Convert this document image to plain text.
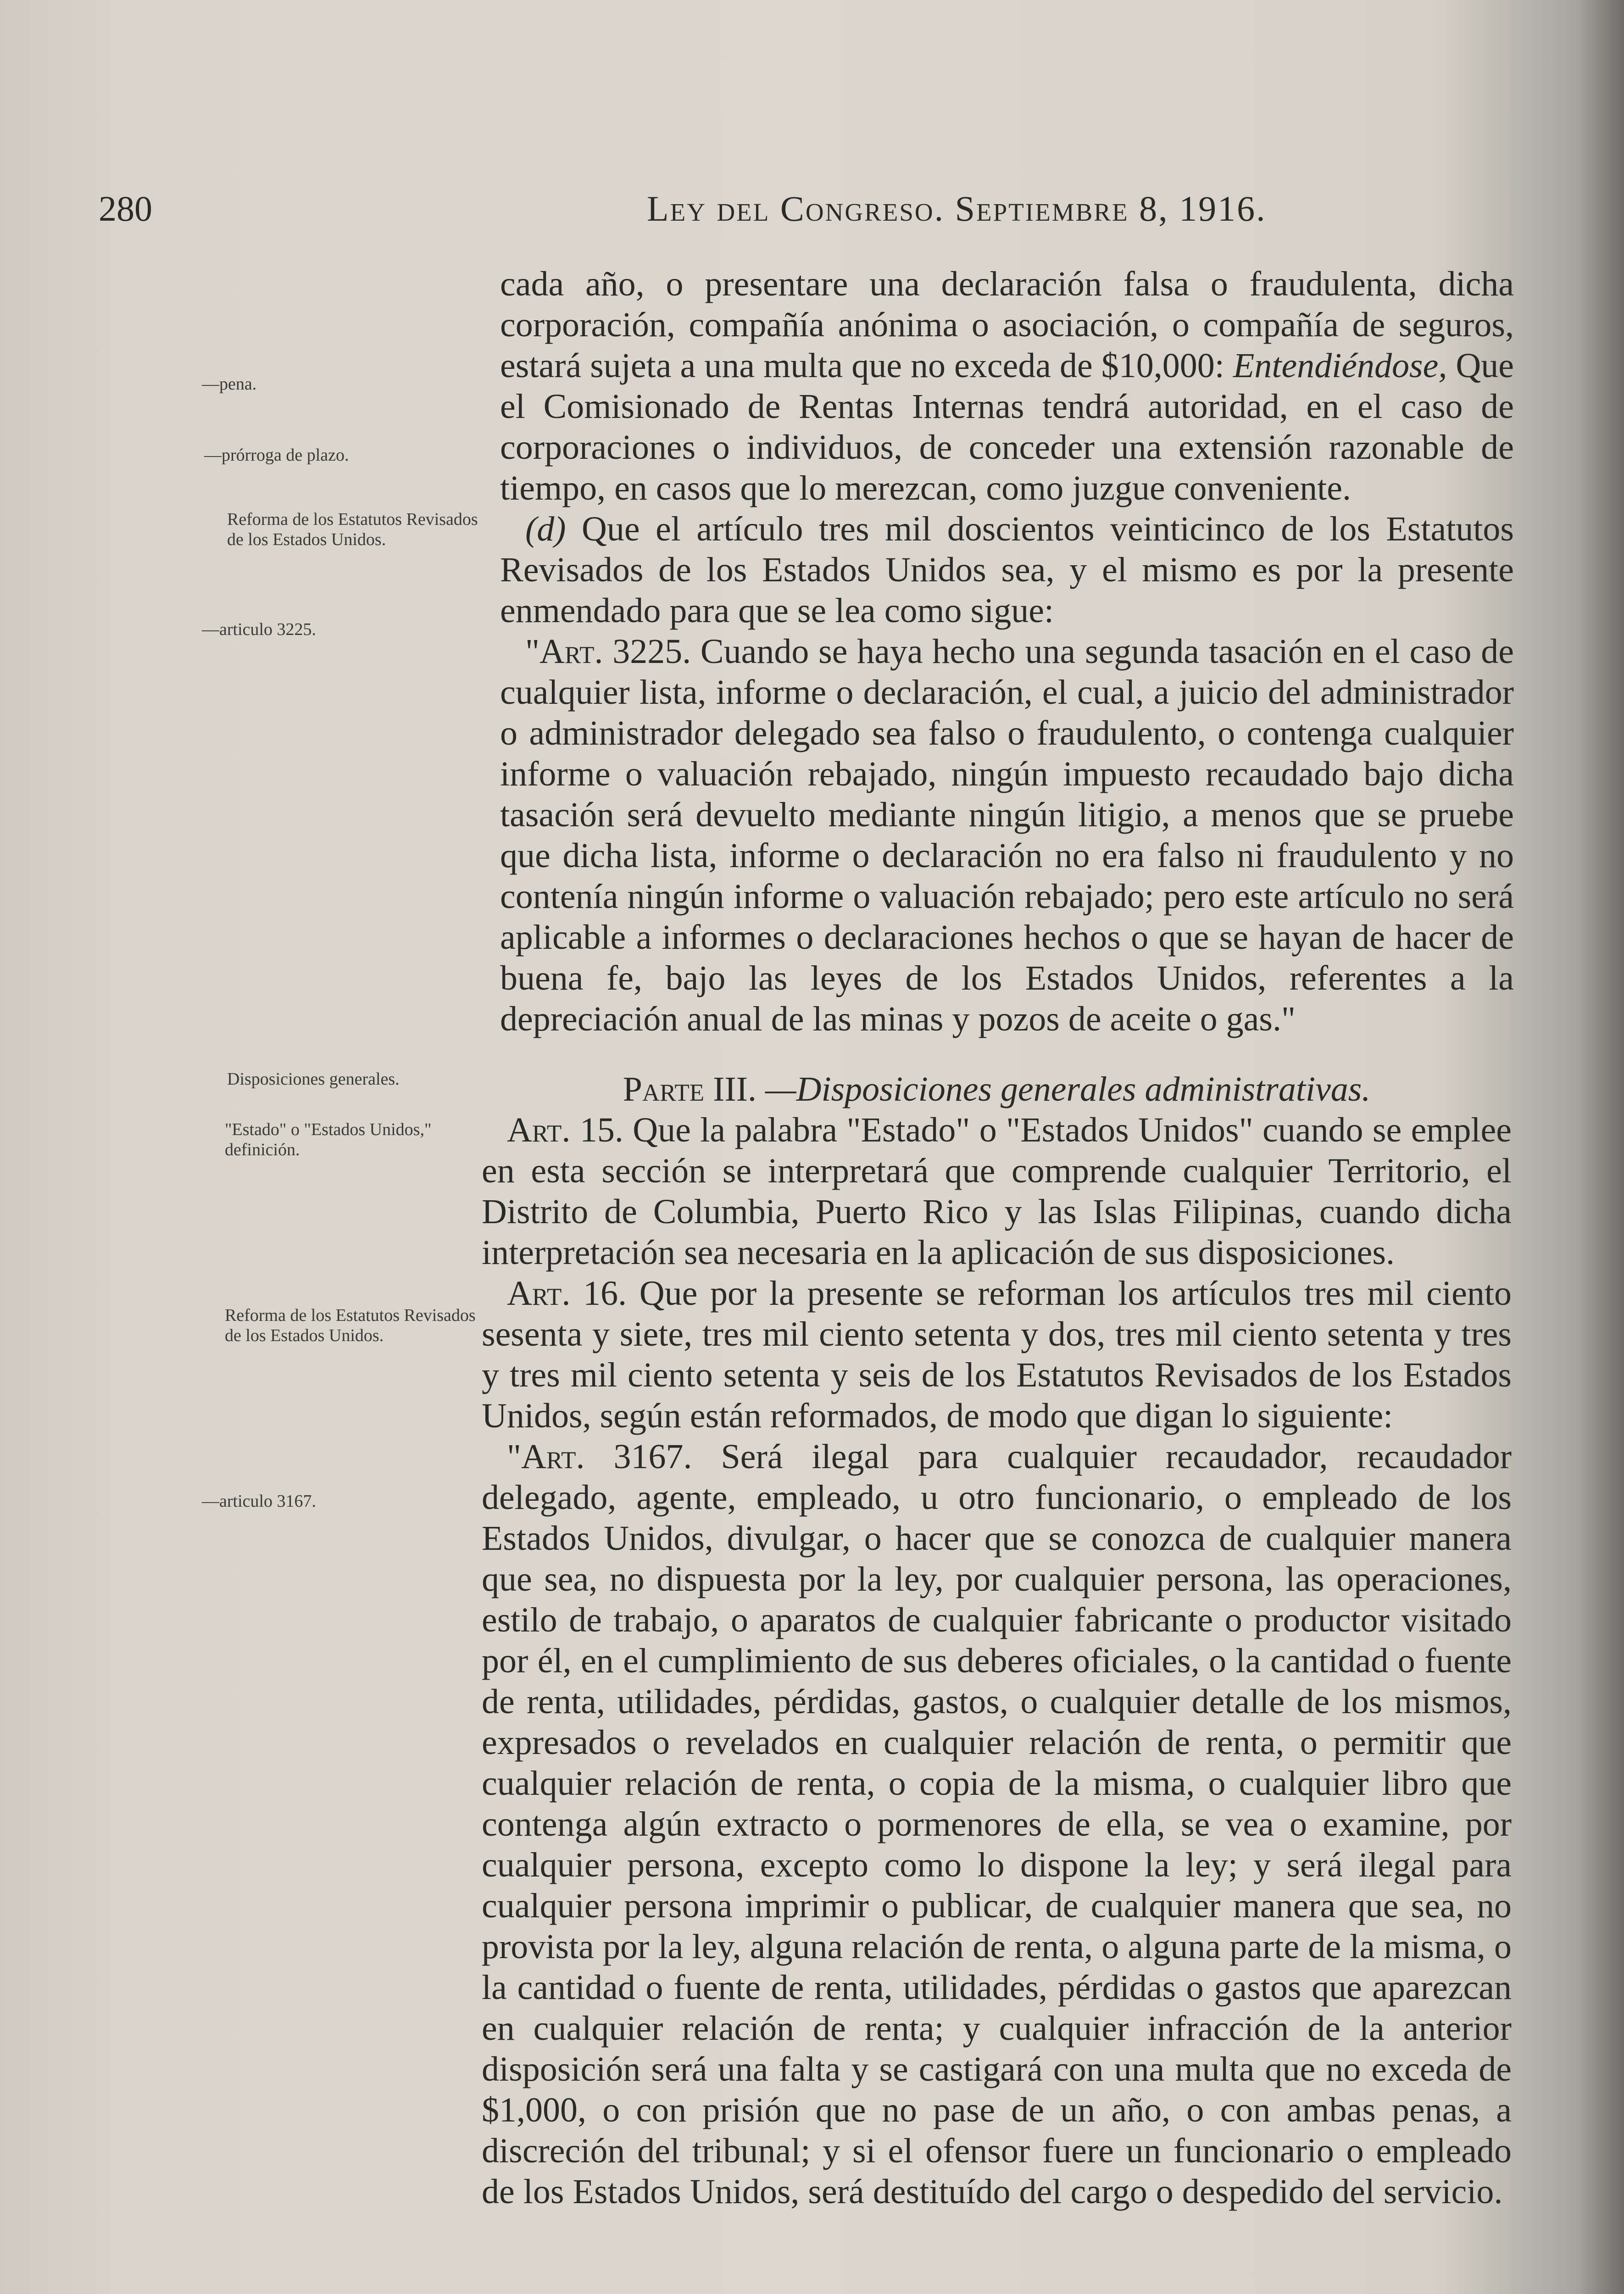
280	Ley del Congreso. Septiembre 8, 1916.
—pena.
—prórroga de plazo.
Reforma de los Estatutos Revisados de los Estados Unidos.
—articulo 3225.
Disposiciones generales.
"Estado" o "Estados Unidos," definición.
Reforma de los Estatutos Revisados de los Estados Unidos.
—articulo 3167.

cada año, o presentare una declaración falsa o fraudulenta, dicha corporación, compañía anónima o asociación, o compañía de seguros, estará sujeta a una multa que no exceda de $10,000: Entendiéndose, Que el Comisionado de Rentas Internas tendrá autoridad, en el caso de corporaciones o individuos, de conceder una extensión razonable de tiempo, en casos que lo merezcan, como juzgue conveniente.

(d) Que el artículo tres mil doscientos veinticinco de los Estatutos Revisados de los Estados Unidos sea, y el mismo es por la presente enmendado para que se lea como sigue:

"Art. 3225. Cuando se haya hecho una segunda tasación en el caso de cualquier lista, informe o declaración, el cual, a juicio del administrador o administrador delegado sea falso o fraudulento, o contenga cualquier informe o valuación rebajado, ningún impuesto recaudado bajo dicha tasación será devuelto mediante ningún litigio, a menos que se pruebe que dicha lista, informe o declaración no era falso ni fraudulento y no contenía ningún informe o valuación rebajado; pero este artículo no será aplicable a informes o declaraciones hechos o que se hayan de hacer de buena fe, bajo las leyes de los Estados Unidos, referentes a la depreciación anual de las minas y pozos de aceite o gas."

Parte III. —Disposiciones generales administrativas.

Art. 15. Que la palabra "Estado" o "Estados Unidos" cuando se emplee en esta sección se interpretará que comprende cualquier Territorio, el Distrito de Columbia, Puerto Rico y las Islas Filipinas, cuando dicha interpretación sea necesaria en la aplicación de sus disposiciones.

Art. 16. Que por la presente se reforman los artículos tres mil ciento sesenta y siete, tres mil ciento setenta y dos, tres mil ciento setenta y tres y tres mil ciento setenta y seis de los Estatutos Revisados de los Estados Unidos, según están reformados, de modo que digan lo siguiente:

"Art. 3167. Será ilegal para cualquier recaudador, recaudador delegado, agente, empleado, u otro funcionario, o empleado de los Estados Unidos, divulgar, o hacer que se conozca de cualquier manera que sea, no dispuesta por la ley, por cualquier persona, las operaciones, estilo de trabajo, o aparatos de cualquier fabricante o productor visitado por él, en el cumplimiento de sus deberes oficiales, o la cantidad o fuente de renta, utilidades, pérdidas, gastos, o cualquier detalle de los mismos, expresados o revelados en cualquier relación de renta, o permitir que cualquier relación de renta, o copia de la misma, o cualquier libro que contenga algún extracto o pormenores de ella, se vea o examine, por cualquier persona, excepto como lo dispone la ley; y será ilegal para cualquier persona imprimir o publicar, de cualquier manera que sea, no provista por la ley, alguna relación de renta, o alguna parte de la misma, o la cantidad o fuente de renta, utilidades, pérdidas o gastos que aparezcan en cualquier relación de renta; y cualquier infracción de la anterior disposición será una falta y se castigará con una multa que no exceda de $1,000, o con prisión que no pase de un año, o con ambas penas, a discreción del tribunal; y si el ofensor fuere un funcionario o empleado de los Estados Unidos, será destituído del cargo o despedido del servicio.
